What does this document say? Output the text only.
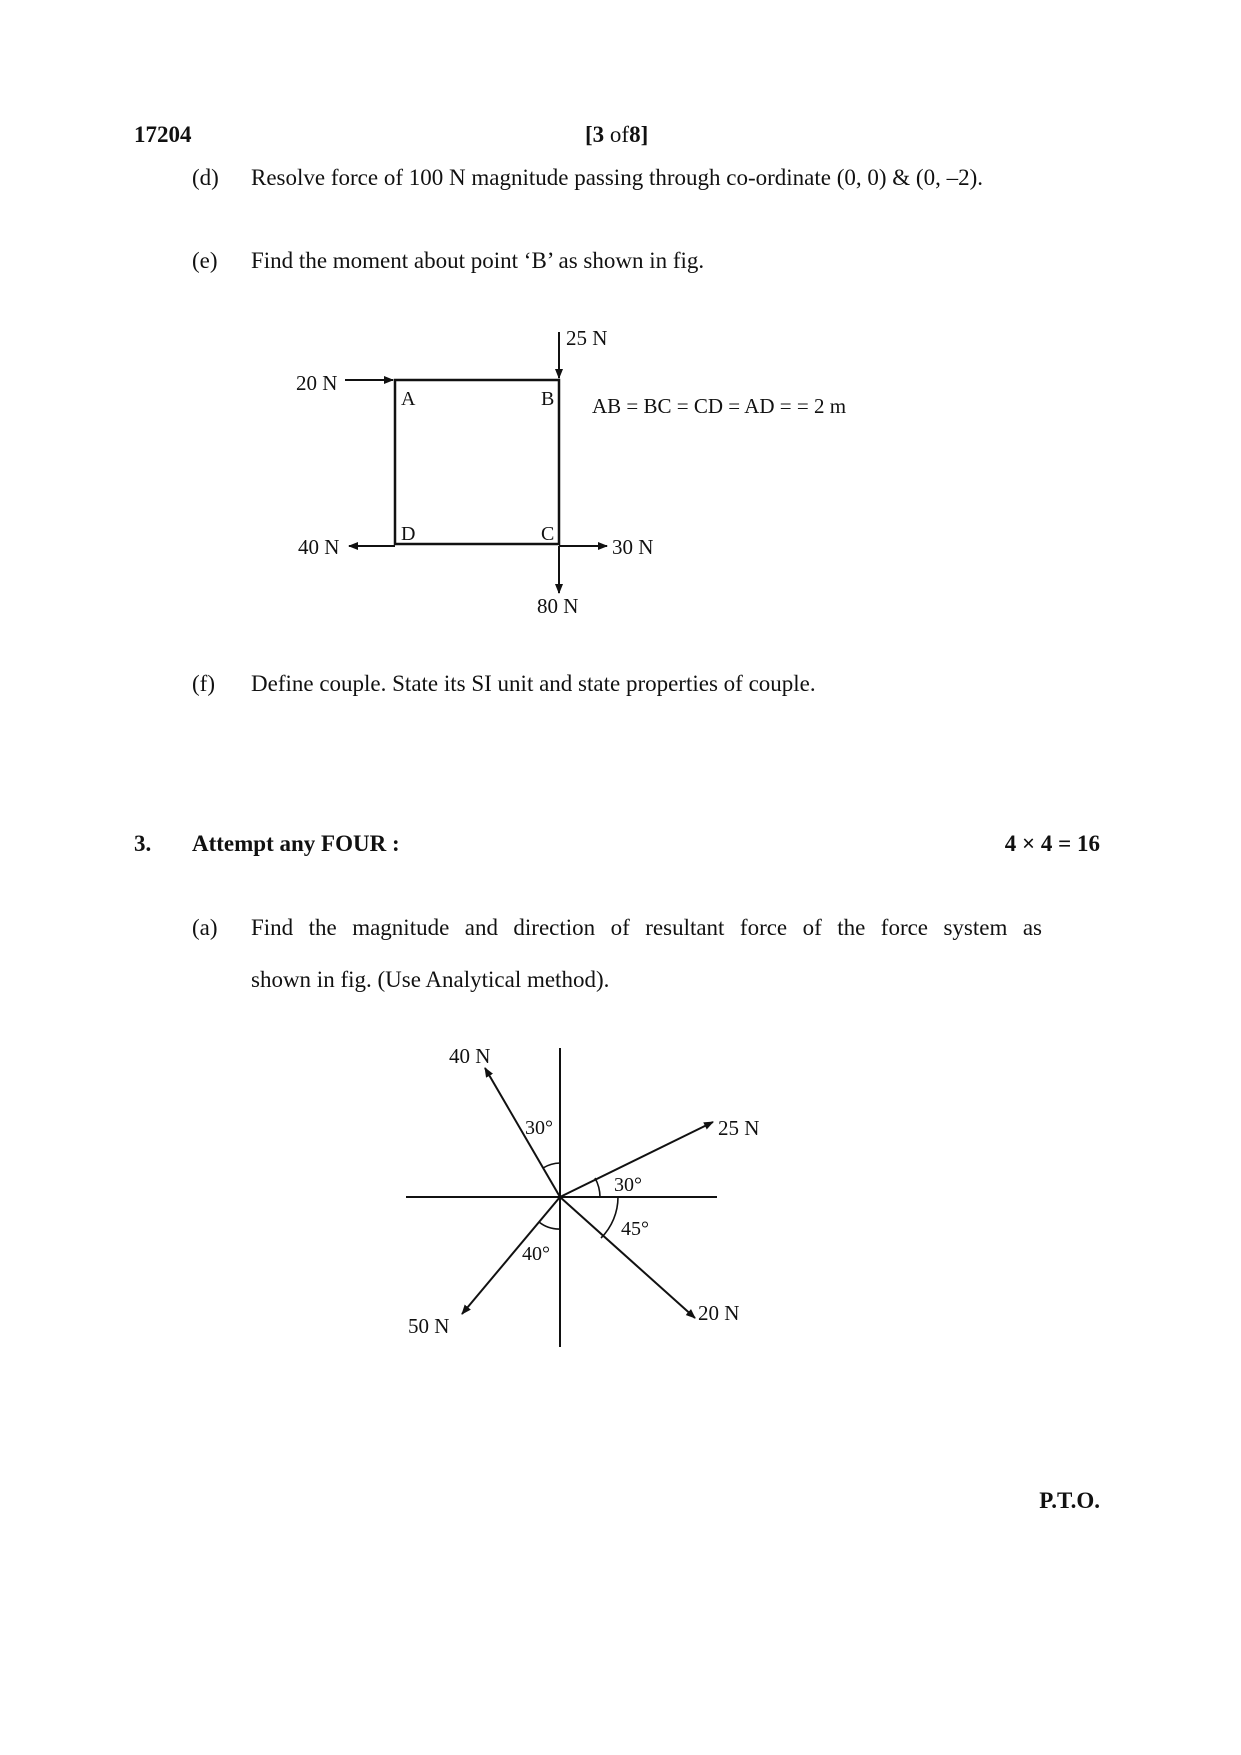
17204	[3 of8]
(d) Resolve force of 100 N magnitude passing through co-ordinate (0, 0) & (0, –2).
(e) Find the moment about point ‘B’ as shown in fig.
25 N
20 N
40 N	30 N
80 N
A	B
C
D
AB = BC = CD = AD = = 2 m
(f) Define couple. State its SI unit and state properties of couple.
3. Attempt any FOUR :	4 × 4 = 16
(a) Find the magnitude and direction of resultant force of the force system as
shown in fig. (Use Analytical method).
40 N
25 N
20 N
50 N
30°
30°
45°
40°
P.T.O.
